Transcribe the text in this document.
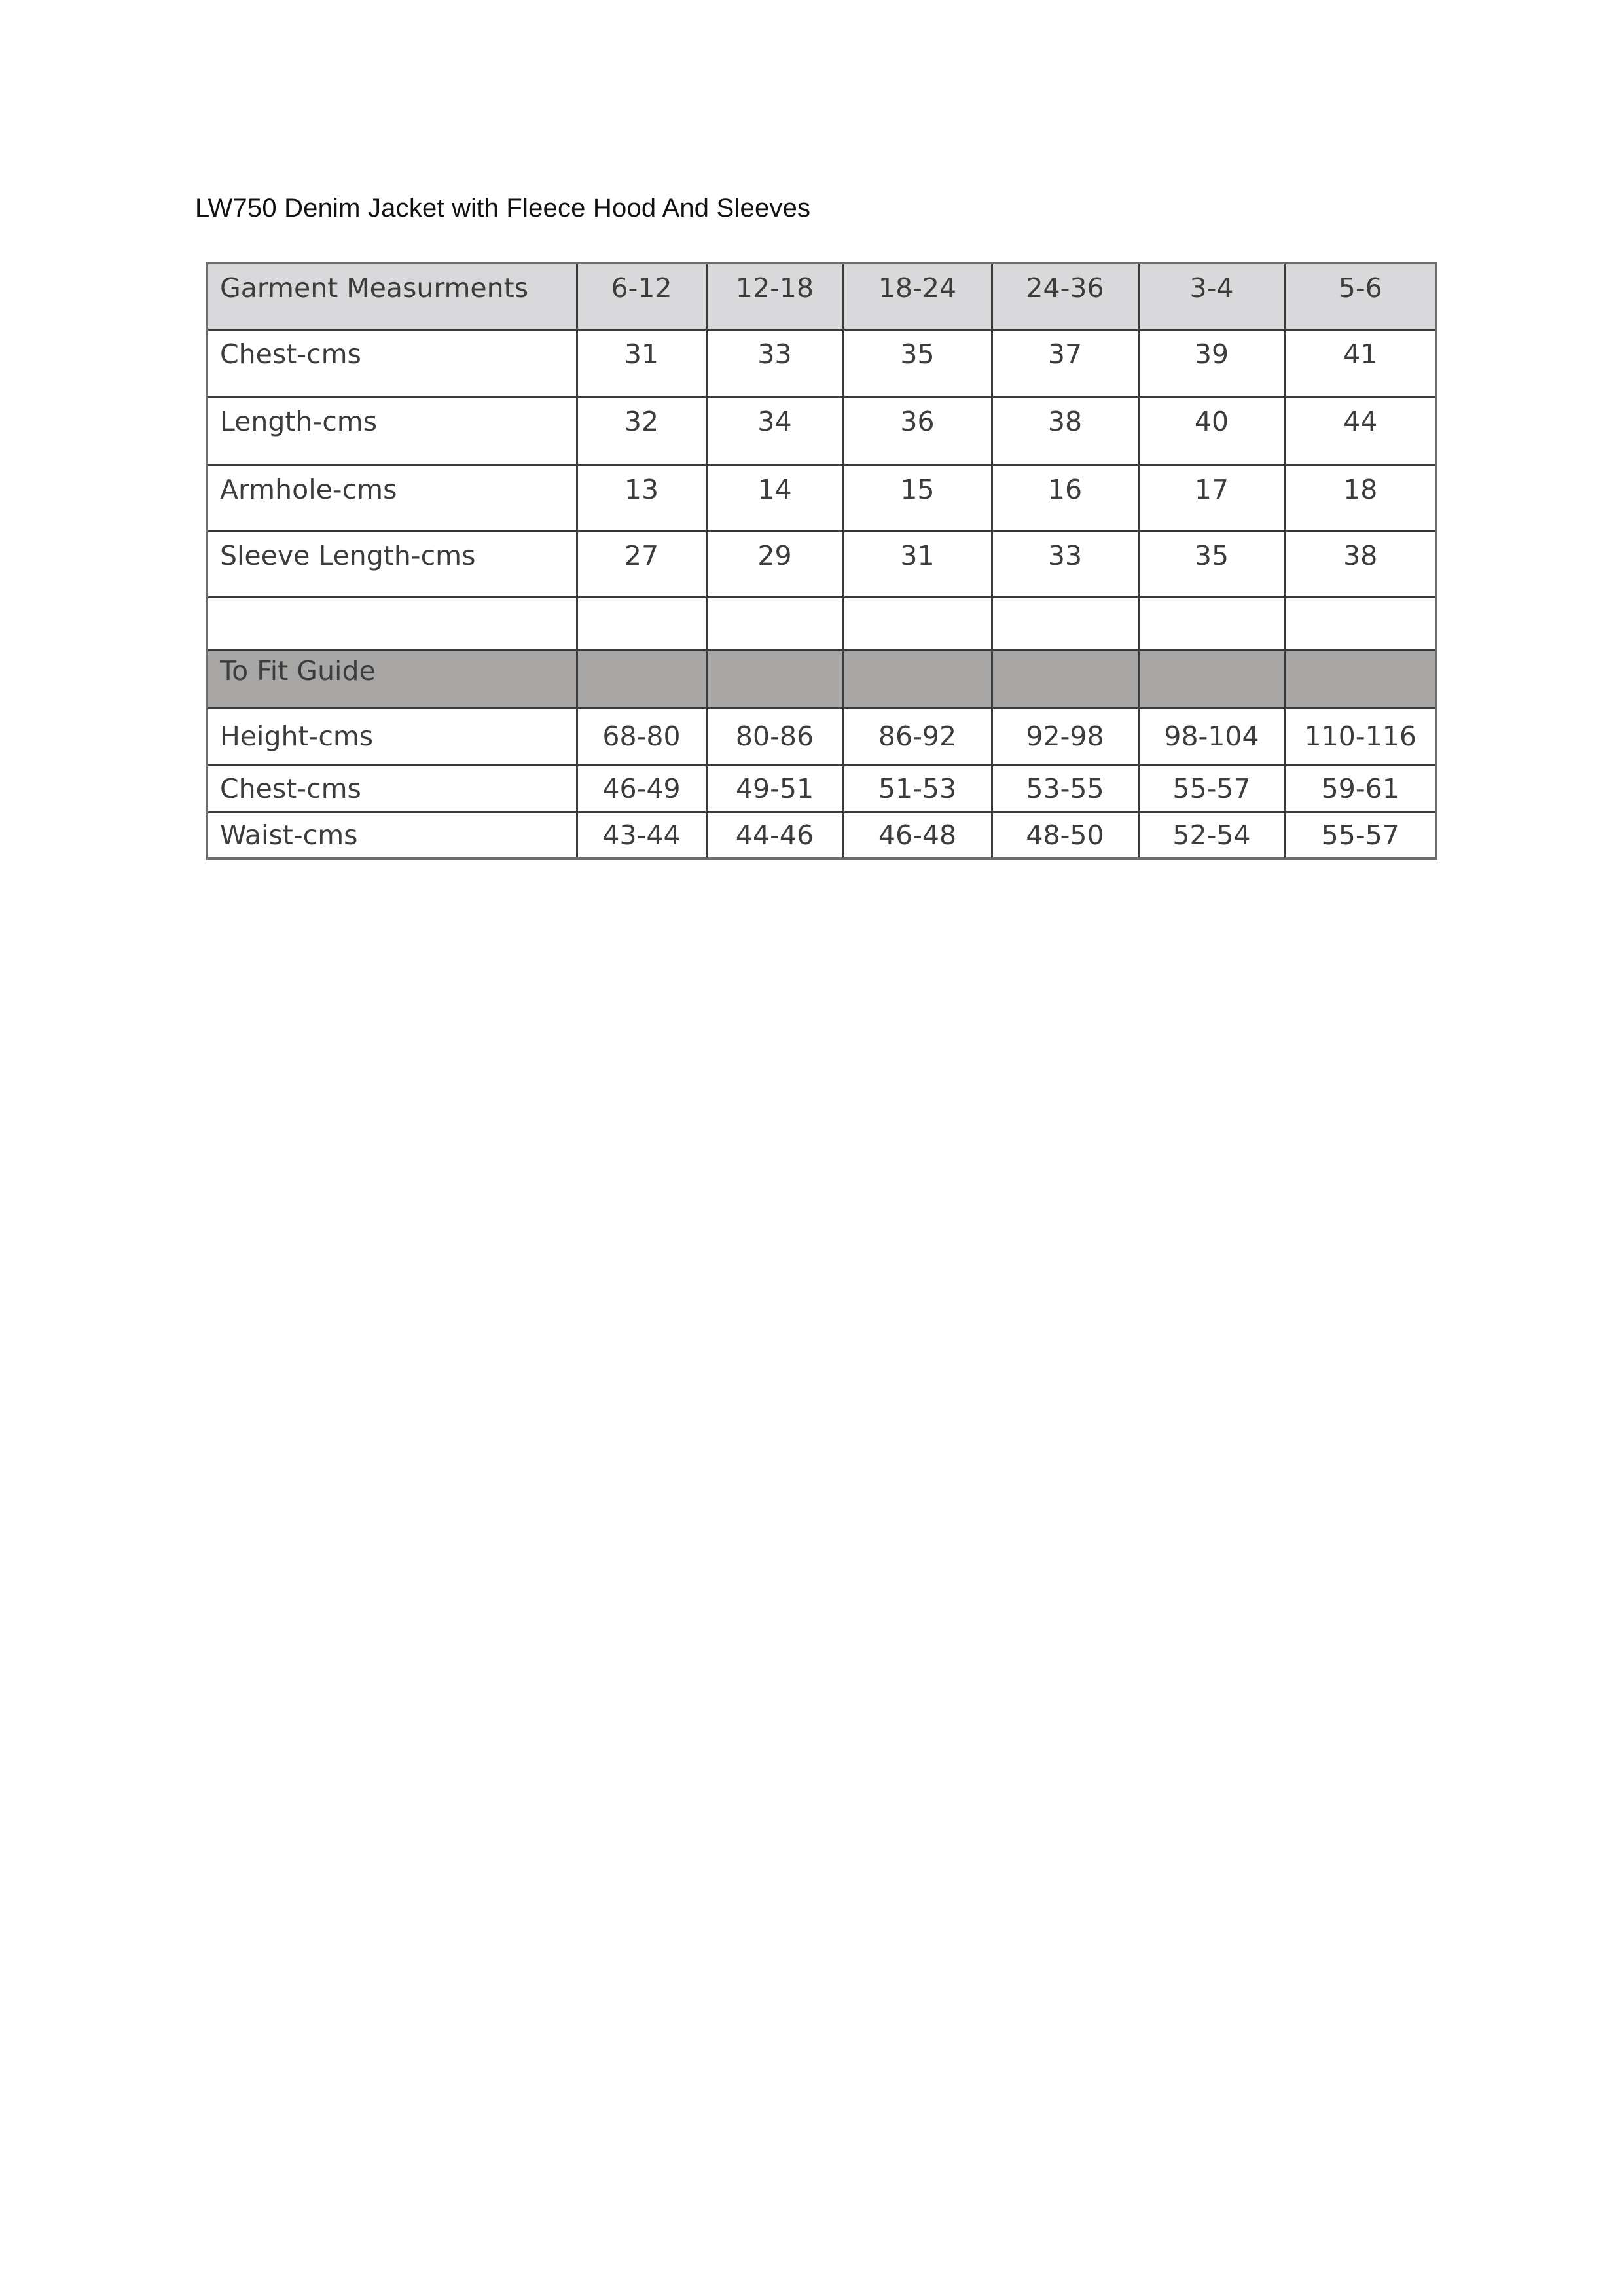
LW750 Denim Jacket with Fleece Hood And Sleeves
Garment Measurments	6-12	12-18	18-24	24-36	3-4	5-6
Chest-cms	31	33	35	37	39	41
Length-cms	32	34	36	38	40	44
Armhole-cms	13	14	15	16	17	18
Sleeve Length-cms	27	29	31	33	35	38

To Fit Guide						
Height-cms	68-80	80-86	86-92	92-98	98-104	110-116
Chest-cms	46-49	49-51	51-53	53-55	55-57	59-61
Waist-cms	43-44	44-46	46-48	48-50	52-54	55-57
